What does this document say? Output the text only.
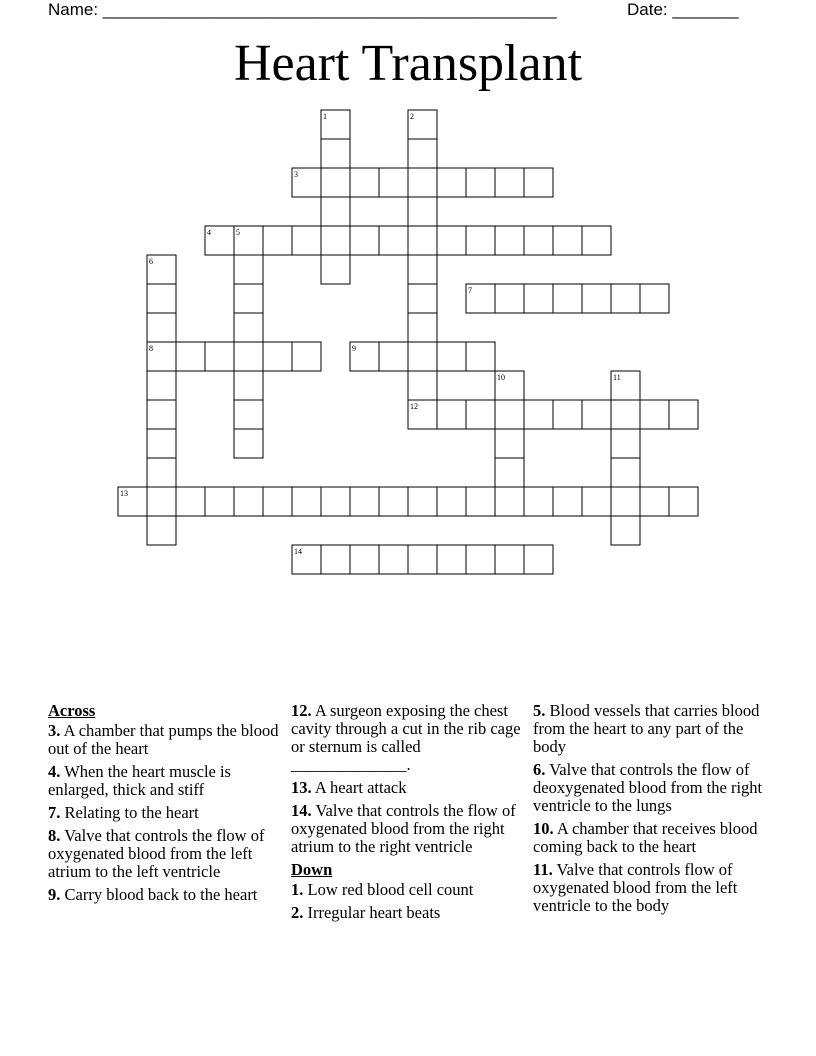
Name: ________________________________________________	Date: _______
Heart Transplant
1	2
3
4	5
6
7
8	9
10	11
12
13
14
Across
3. A chamber that pumps the blood out of the heart
4. When the heart muscle is enlarged, thick and stiff
7. Relating to the heart
8. Valve that controls the flow of oxygenated blood from the left atrium to the left ventricle
9. Carry blood back to the heart
12. A surgeon exposing the chest cavity through a cut in the rib cage or sternum is called ______________.
13. A heart attack
14. Valve that controls the flow of oxygenated blood from the right atrium to the right ventricle
Down
1. Low red blood cell count
2. Irregular heart beats
5. Blood vessels that carries blood from the heart to any part of the body
6. Valve that controls the flow of deoxygenated blood from the right ventricle to the lungs
10. A chamber that receives blood coming back to the heart
11. Valve that controls flow of oxygenated blood from the left ventricle to the body
